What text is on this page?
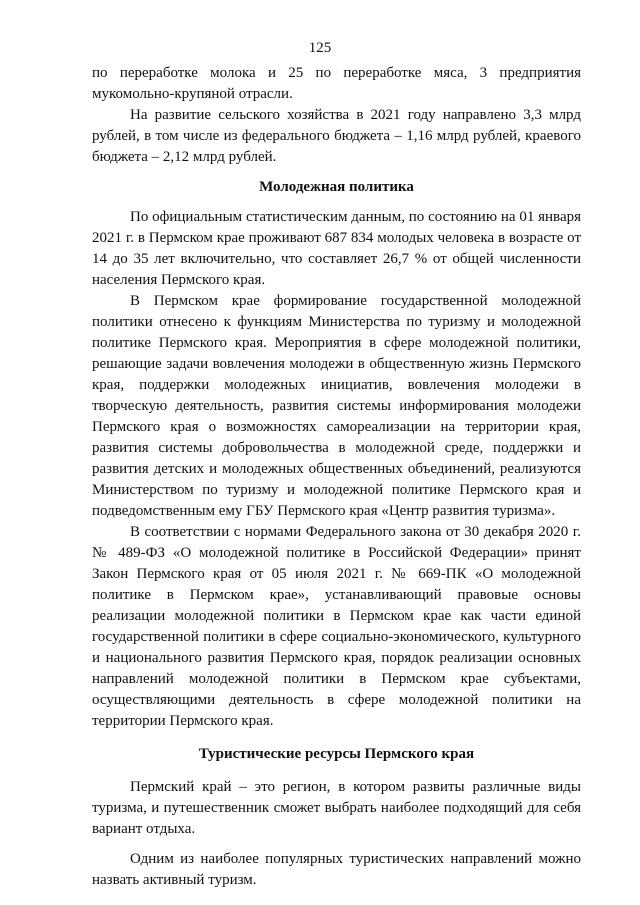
125

по переработке молока и 25 по переработке мяса, 3 предприятия мукомольно-крупяной отрасли.

На развитие сельского хозяйства в 2021 году направлено 3,3 млрд рублей, в том числе из федерального бюджета – 1,16 млрд рублей, краевого бюджета – 2,12 млрд рублей.

Молодежная политика

По официальным статистическим данным, по состоянию на 01 января 2021 г. в Пермском крае проживают 687 834 молодых человека в возрасте от 14 до 35 лет включительно, что составляет 26,7 % от общей численности населения Пермского края.

В Пермском крае формирование государственной молодежной политики отнесено к функциям Министерства по туризму и молодежной политике Пермского края. Мероприятия в сфере молодежной политики, решающие задачи вовлечения молодежи в общественную жизнь Пермского края, поддержки молодежных инициатив, вовлечения молодежи в творческую деятельность, развития системы информирования молодежи Пермского края о возможностях самореализации на территории края, развития системы добровольчества в молодежной среде, поддержки и развития детских и молодежных общественных объединений, реализуются Министерством по туризму и молодежной политике Пермского края и подведомственным ему ГБУ Пермского края «Центр развития туризма».

В соответствии с нормами Федерального закона от 30 декабря 2020 г. № 489-ФЗ «О молодежной политике в Российской Федерации» принят Закон Пермского края от 05 июля 2021 г. № 669-ПК «О молодежной политике в Пермском крае», устанавливающий правовые основы реализации молодежной политики в Пермском крае как части единой государственной политики в сфере социально-экономического, культурного и национального развития Пермского края, порядок реализации основных направлений молодежной политики в Пермском крае субъектами, осуществляющими деятельность в сфере молодежной политики на территории Пермского края.

Туристические ресурсы Пермского края

Пермский край – это регион, в котором развиты различные виды туризма, и путешественник сможет выбрать наиболее подходящий для себя вариант отдыха.

Одним из наиболее популярных туристических направлений можно назвать активный туризм.
